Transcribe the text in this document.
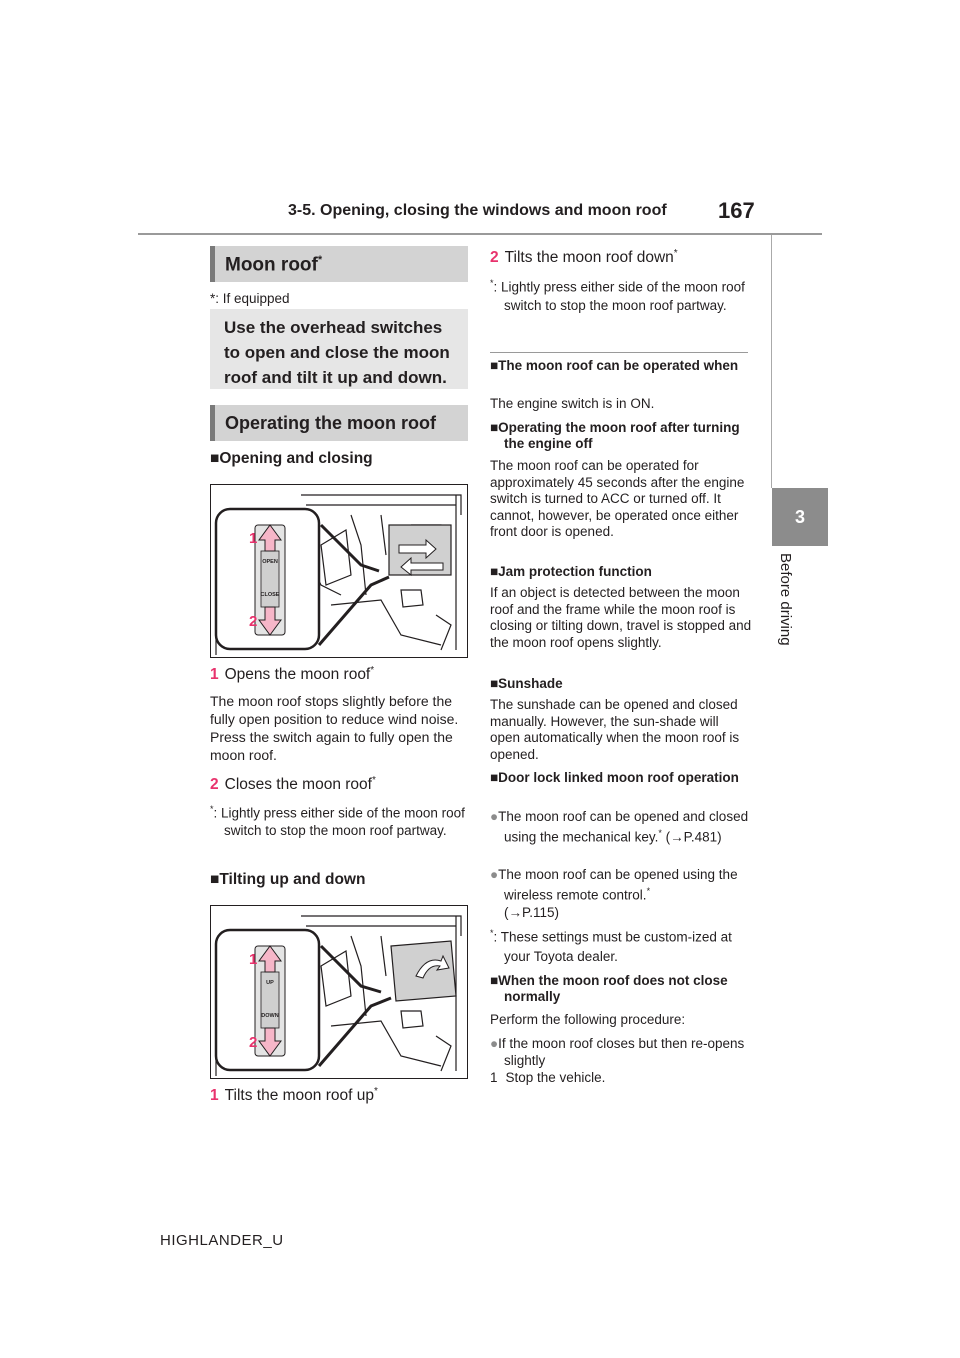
3-5. Opening, closing the windows and moon roof 167
3
Before driving
Moon roof*
*: If equipped
Use the overhead switches to open and close the moon roof and tilt it up and down.
Operating the moon roof
■Opening and closing
1
2
OPEN
CLOSE
1 Opens the moon roof*
The moon roof stops slightly before the fully open position to reduce wind noise. Press the switch again to fully open the moon roof.
2 Closes the moon roof*
*: Lightly press either side of the moon roof switch to stop the moon roof partway.
■Tilting up and down
1
2
UP
DOWN
1 Tilts the moon roof up*
2 Tilts the moon roof down*
*: Lightly press either side of the moon roof switch to stop the moon roof partway.
■The moon roof can be operated when
The engine switch is in ON.
■Operating the moon roof after turning the engine off
The moon roof can be operated for approximately 45 seconds after the engine switch is turned to ACC or turned off. It cannot, however, be operated once either front door is opened.
■Jam protection function
If an object is detected between the moon roof and the frame while the moon roof is closing or tilting down, travel is stopped and the moon roof opens slightly.
■Sunshade
The sunshade can be opened and closed manually. However, the sun-shade will open automatically when the moon roof is opened.
■Door lock linked moon roof operation
●The moon roof can be opened and closed using the mechanical key.* (→P.481)
●The moon roof can be opened using the wireless remote control.*
(→P.115)
*: These settings must be custom-ized at your Toyota dealer.
■When the moon roof does not close normally
Perform the following procedure:
●If the moon roof closes but then re-opens slightly
1 Stop the vehicle.
HIGHLANDER_U
